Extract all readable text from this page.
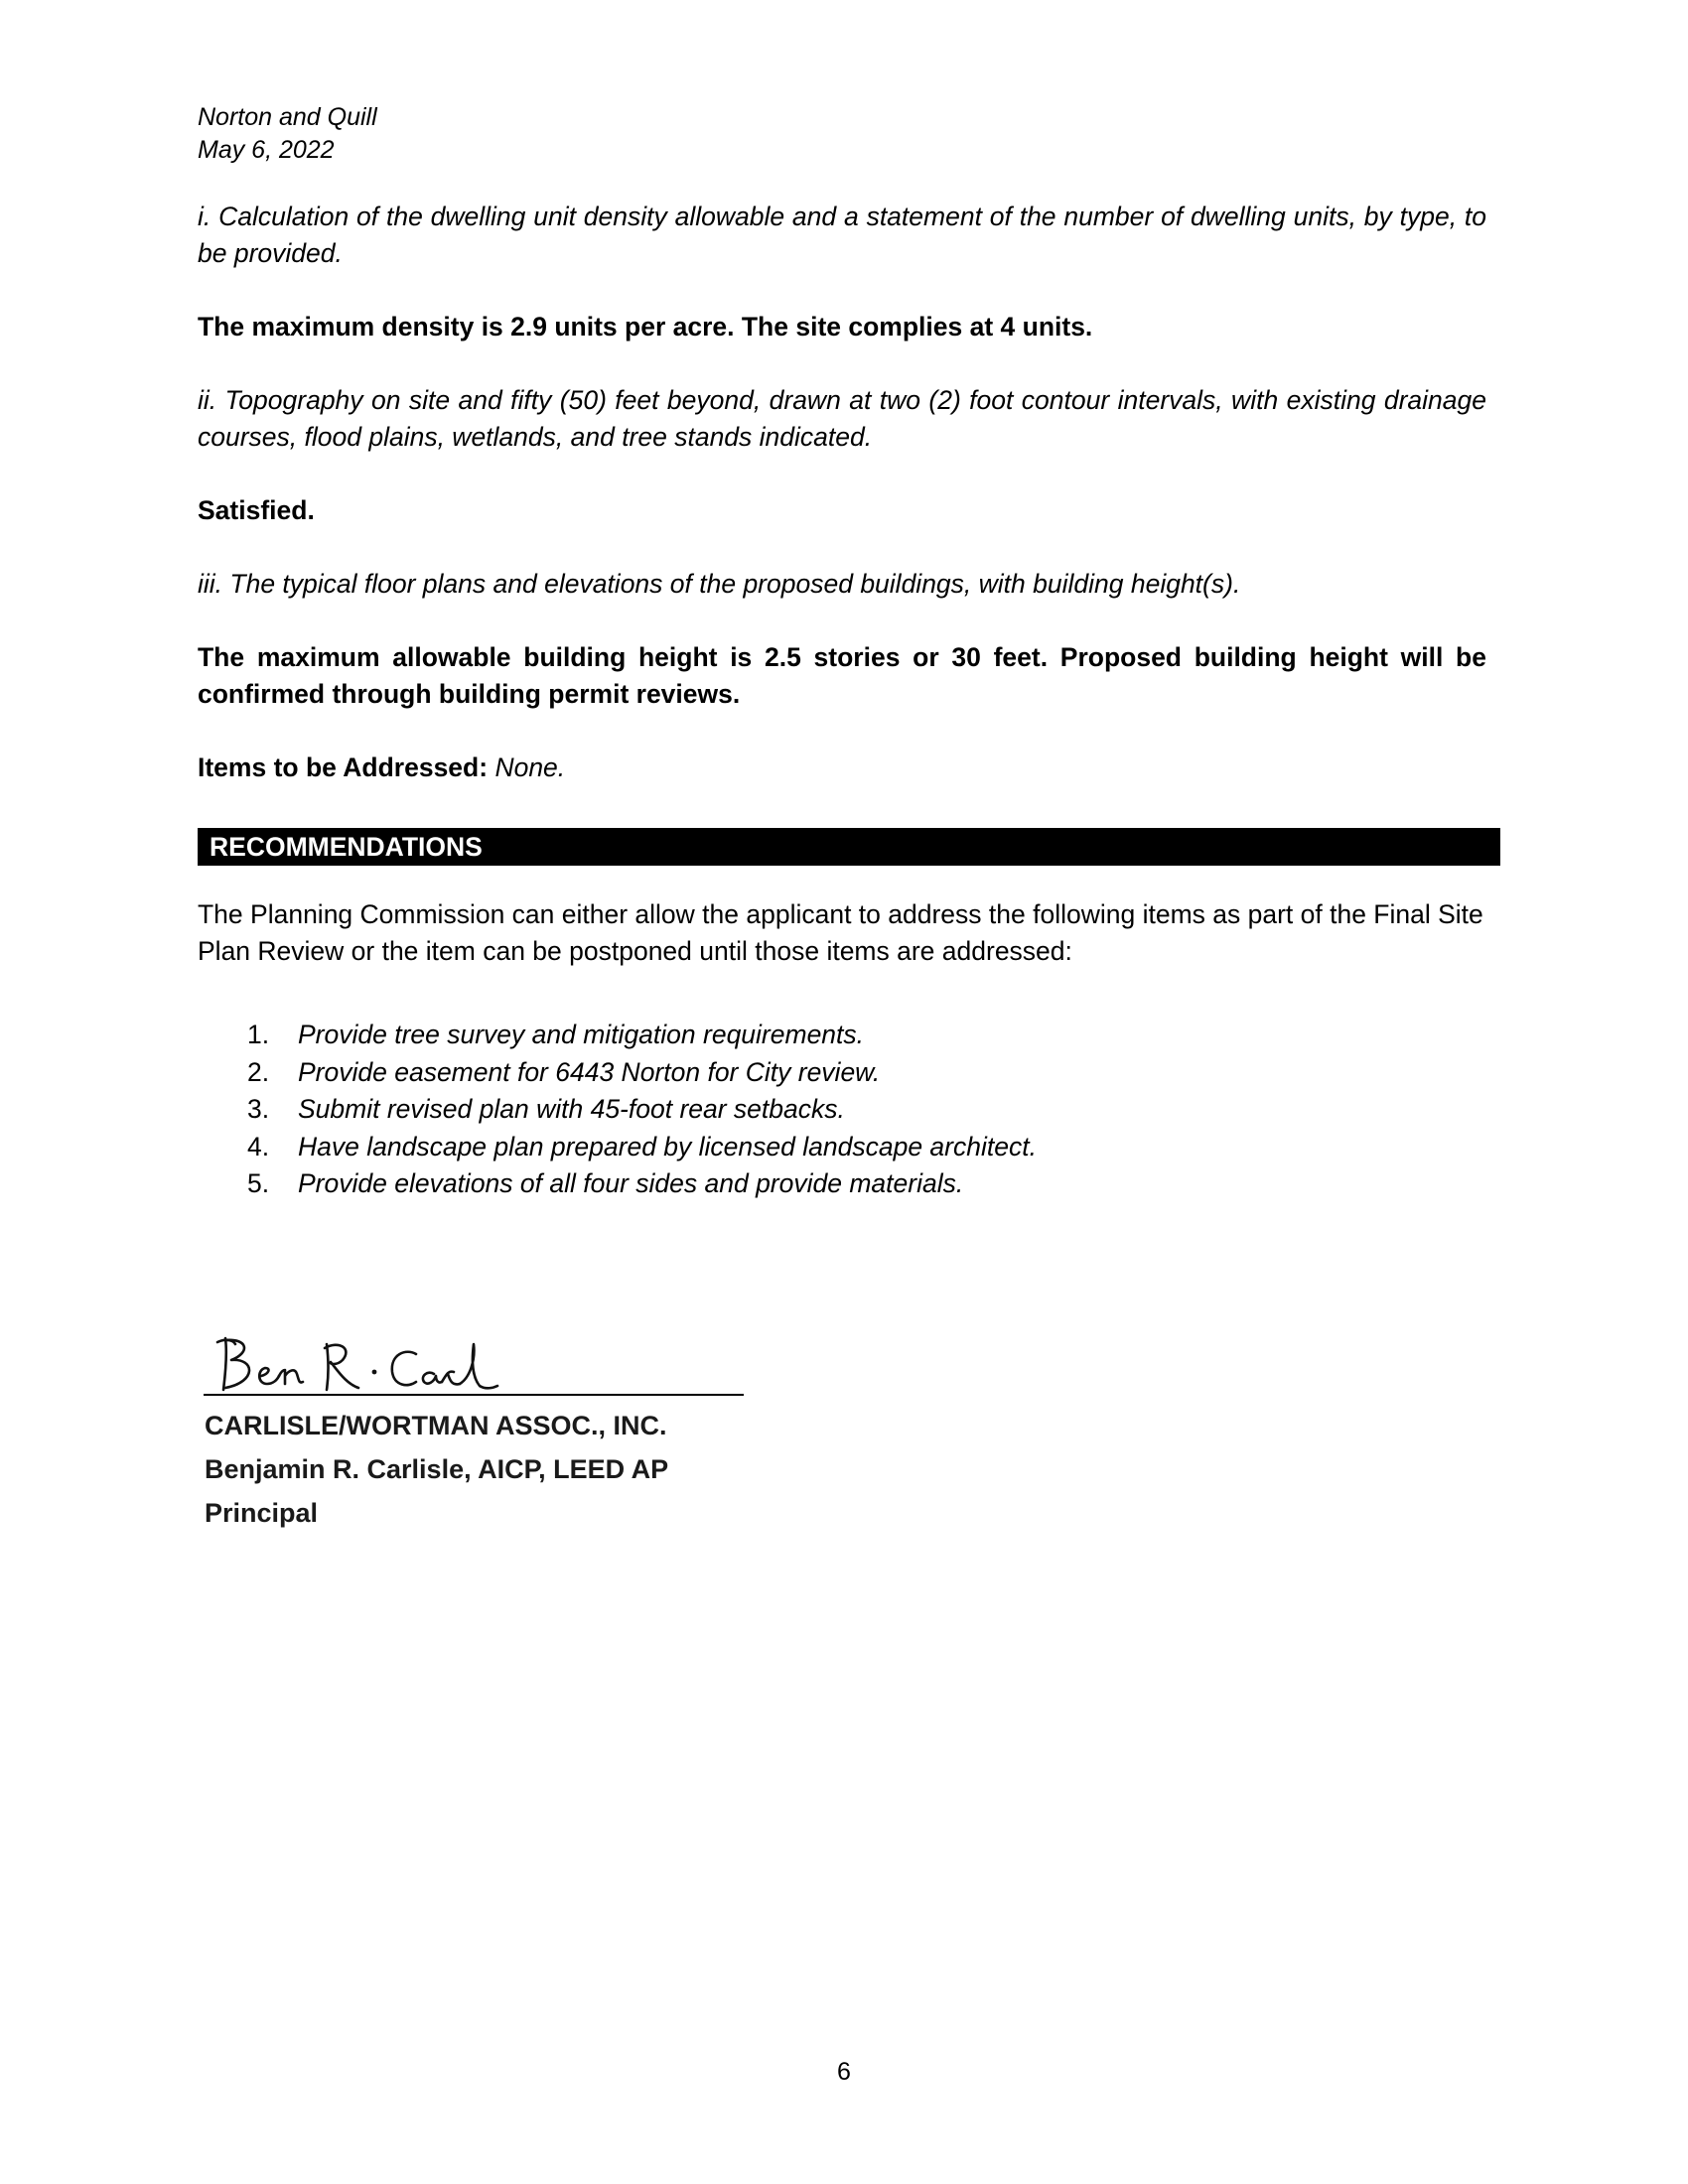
Norton and Quill
May 6, 2022
i. Calculation of the dwelling unit density allowable and a statement of the number of dwelling units, by type, to be provided.
The maximum density is 2.9 units per acre. The site complies at 4 units.
ii. Topography on site and fifty (50) feet beyond, drawn at two (2) foot contour intervals, with existing drainage courses, flood plains, wetlands, and tree stands indicated.
Satisfied.
iii. The typical floor plans and elevations of the proposed buildings, with building height(s).
The maximum allowable building height is 2.5 stories or 30 feet. Proposed building height will be confirmed through building permit reviews.
Items to be Addressed: None.
RECOMMENDATIONS
The Planning Commission can either allow the applicant to address the following items as part of the Final Site Plan Review or the item can be postponed until those items are addressed:
1.	Provide tree survey and mitigation requirements.
2.	Provide easement for 6443 Norton for City review.
3.	Submit revised plan with 45-foot rear setbacks.
4.	Have landscape plan prepared by licensed landscape architect.
5.	Provide elevations of all four sides and provide materials.
CARLISLE/WORTMAN ASSOC., INC.
Benjamin R. Carlisle, AICP, LEED AP
Principal
6
